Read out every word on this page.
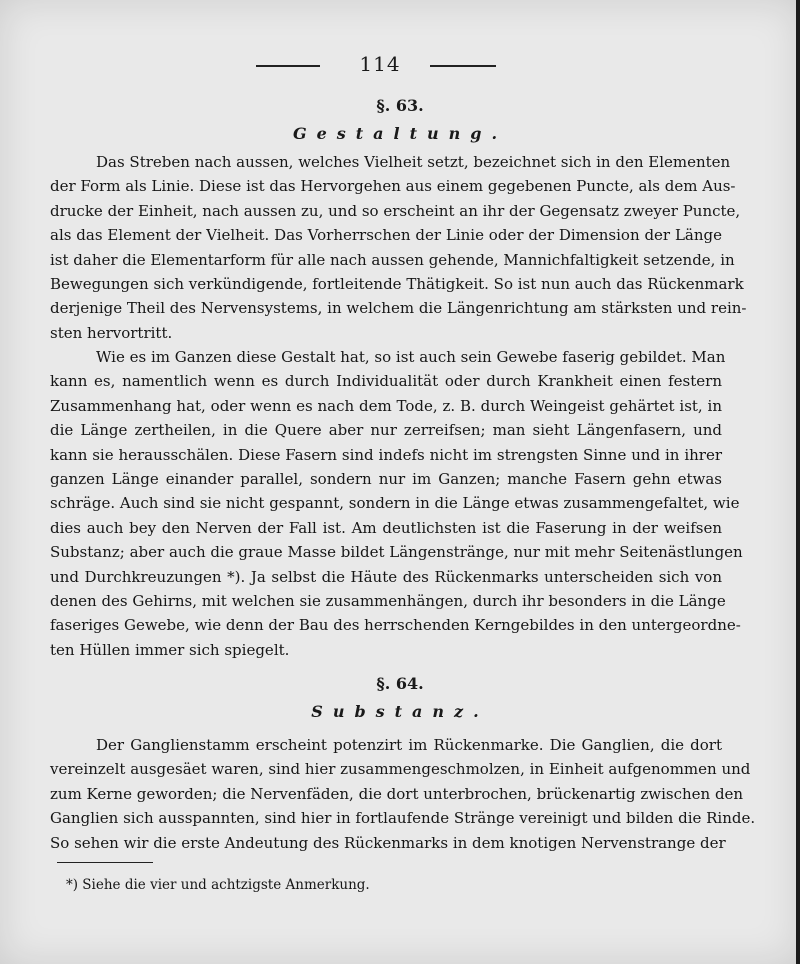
114
§. 63.
Gestaltung.
Das Streben nach aussen, welches Vielheit setzt, bezeichnet sich in den Elementen
der Form als Linie. Diese ist das Hervorgehen aus einem gegebenen Puncte, als dem Aus-
drucke der Einheit, nach aussen zu, und so erscheint an ihr der Gegensatz zweyer Puncte,
als das Element der Vielheit. Das Vorherrschen der Linie oder der Dimension der Länge
ist daher die Elementarform für alle nach aussen gehende, Mannichfaltigkeit setzende, in
Bewegungen sich verkündigende, fortleitende Thätigkeit. So ist nun auch das Rückenmark
derjenige Theil des Nervensystems, in welchem die Längenrichtung am stärksten und rein-
sten hervortritt.
Wie es im Ganzen diese Gestalt hat, so ist auch sein Gewebe faserig gebildet. Man
kann es, namentlich wenn es durch Individualität oder durch Krankheit einen festern
Zusammenhang hat, oder wenn es nach dem Tode, z. B. durch Weingeist gehärtet ist, in
die Länge zertheilen, in die Quere aber nur zerreifsen; man sieht Längenfasern, und
kann sie herausschälen. Diese Fasern sind indefs nicht im strengsten Sinne und in ihrer
ganzen Länge einander parallel, sondern nur im Ganzen; manche Fasern gehn etwas
schräge. Auch sind sie nicht gespannt, sondern in die Länge etwas zusammengefaltet, wie
dies auch bey den Nerven der Fall ist. Am deutlichsten ist die Faserung in der weifsen
Substanz; aber auch die graue Masse bildet Längenstränge, nur mit mehr Seitenästlungen
und Durchkreuzungen *). Ja selbst die Häute des Rückenmarks unterscheiden sich von
denen des Gehirns, mit welchen sie zusammenhängen, durch ihr besonders in die Länge
faseriges Gewebe, wie denn der Bau des herrschenden Kerngebildes in den untergeordne-
ten Hüllen immer sich spiegelt.
§. 64.
Substanz.
Der Ganglienstamm erscheint potenzirt im Rückenmarke. Die Ganglien, die dort
vereinzelt ausgesäet waren, sind hier zusammengeschmolzen, in Einheit aufgenommen und
zum Kerne geworden; die Nervenfäden, die dort unterbrochen, brückenartig zwischen den
Ganglien sich ausspannten, sind hier in fortlaufende Stränge vereinigt und bilden die Rinde.
So sehen wir die erste Andeutung des Rückenmarks in dem knotigen Nervenstrange der
*) Siehe die vier und achtzigste Anmerkung.
